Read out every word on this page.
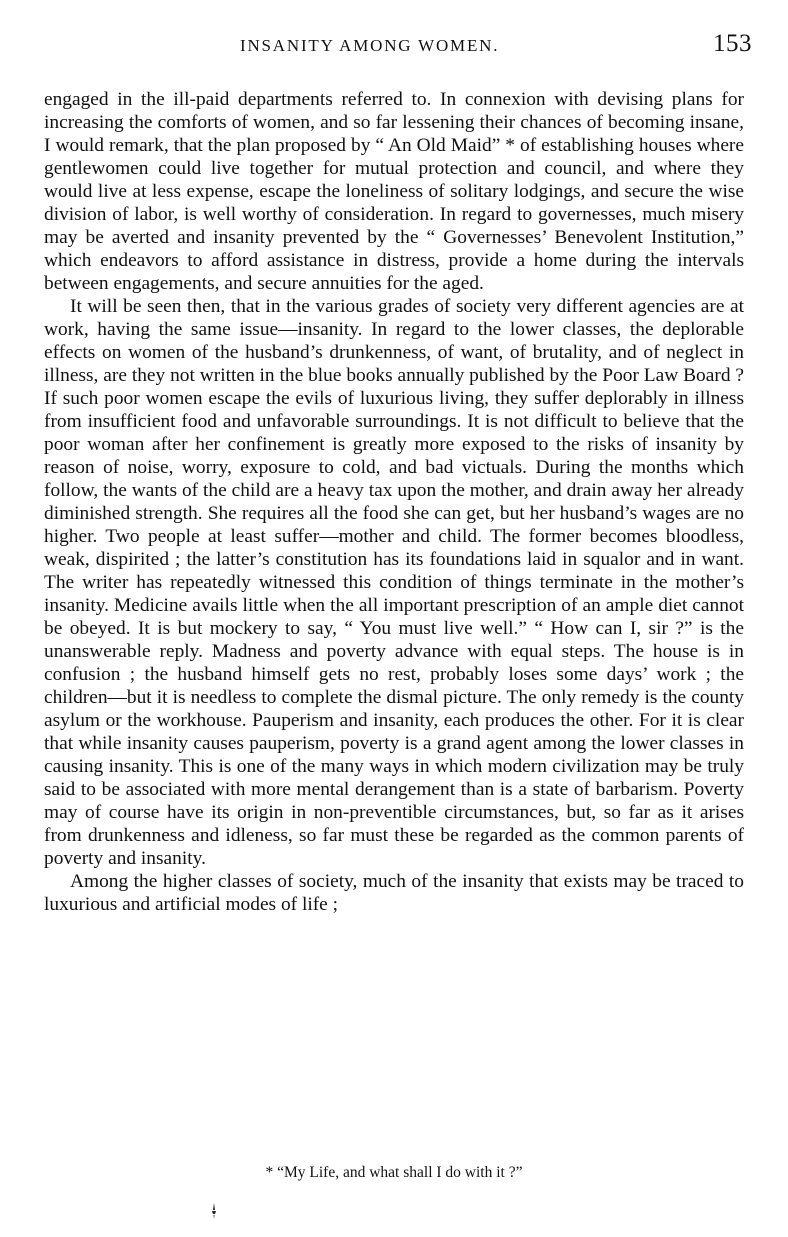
INSANITY AMONG WOMEN.	153

engaged in the ill-paid departments referred to. In connexion with devising plans for increasing the comforts of women, and so far lessening their chances of becoming insane, I would remark, that the plan proposed by “ An Old Maid” * of establishing houses where gentlewomen could live together for mutual protection and council, and where they would live at less expense, escape the loneliness of solitary lodgings, and secure the wise division of labor, is well worthy of consideration. In regard to governesses, much misery may be averted and insanity prevented by the “ Governesses’ Benevolent Institution,” which endeavors to afford assistance in distress, provide a home during the intervals between engagements, and secure annuities for the aged.

It will be seen then, that in the various grades of society very different agencies are at work, having the same issue—insanity. In regard to the lower classes, the deplorable effects on women of the husband’s drunkenness, of want, of brutality, and of neglect in illness, are they not written in the blue books annually published by the Poor Law Board ? If such poor women escape the evils of luxurious living, they suffer deplorably in illness from insufficient food and unfavorable surroundings. It is not difficult to believe that the poor woman after her confinement is greatly more exposed to the risks of insanity by reason of noise, worry, exposure to cold, and bad victuals. During the months which follow, the wants of the child are a heavy tax upon the mother, and drain away her already diminished strength. She requires all the food she can get, but her husband’s wages are no higher. Two people at least suffer—mother and child. The former becomes bloodless, weak, dispirited ; the latter’s constitution has its foundations laid in squalor and in want. The writer has repeatedly witnessed this condition of things terminate in the mother’s insanity. Medicine avails little when the all important prescription of an ample diet cannot be obeyed. It is but mockery to say, “ You must live well.” “ How can I, sir ?” is the unanswerable reply. Madness and poverty advance with equal steps. The house is in confusion ; the husband himself gets no rest, probably loses some days’ work ; the children—but it is needless to complete the dismal picture. The only remedy is the county asylum or the workhouse. Pauperism and insanity, each produces the other. For it is clear that while insanity causes pauperism, poverty is a grand agent among the lower classes in causing insanity. This is one of the many ways in which modern civilization may be truly said to be associated with more mental derangement than is a state of barbarism. Poverty may of course have its origin in non-preventible circumstances, but, so far as it arises from drunkenness and idleness, so far must these be regarded as the common parents of poverty and insanity.

Among the higher classes of society, much of the insanity that exists may be traced to luxurious and artificial modes of life ;

* “My Life, and what shall I do with it ?”
